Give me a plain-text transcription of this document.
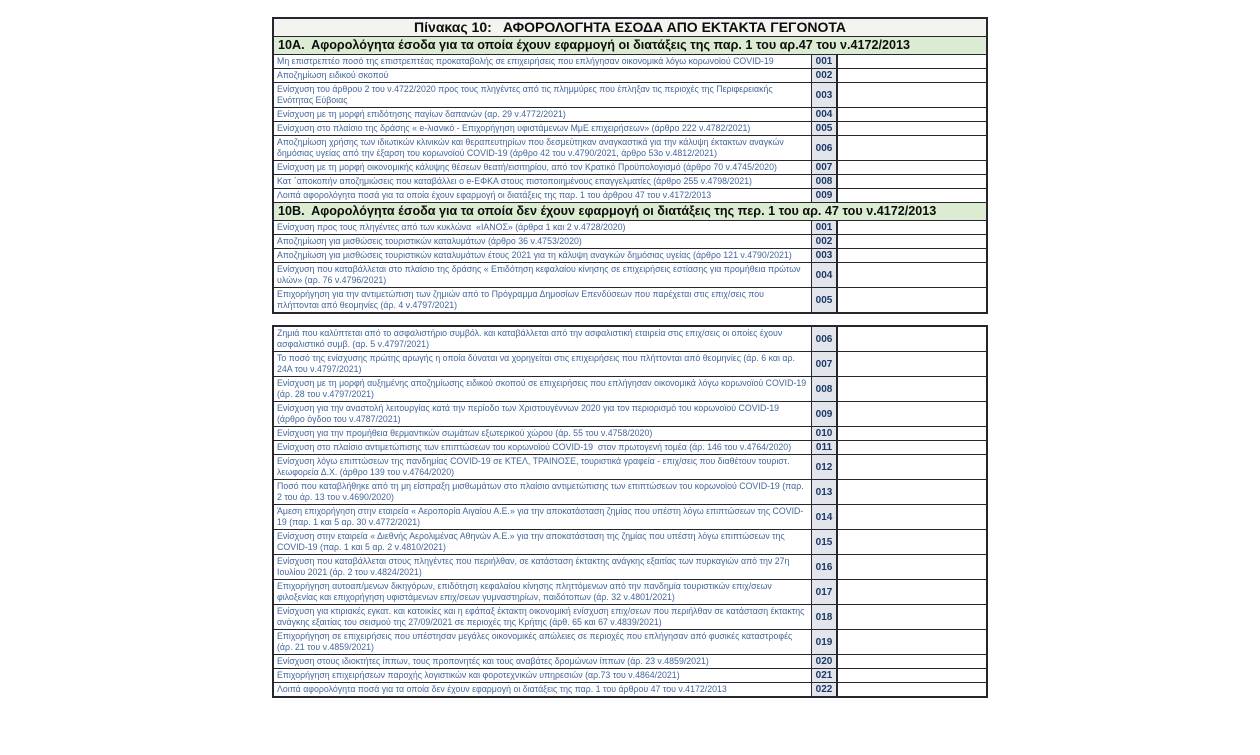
Πίνακας 10:   ΑΦΟΡΟΛΟΓΗΤΑ ΕΣΟΔΑ ΑΠΟ ΕΚΤΑΚΤΑ ΓΕΓΟΝΟΤΑ
10Α.  Αφορολόγητα έσοδα για τα οποία έχουν εφαρμογή οι διατάξεις της παρ. 1 του αρ.47 του ν.4172/2013
Μη επιστρεπτέο ποσό της επιστρεπτέας προκαταβολής σε επιχειρήσεις που επλήγησαν οικονομικά λόγω κορωνοϊού COVID-19	001
Αποζημίωση ειδικού σκοπού	002
Ενίσχυση του άρθρου 2 του ν.4722/2020 προς τους πληγέντες από τις πλημμύρες που έπληξαν τις περιοχές της Περιφερειακής Ενότητας Εύβοιας	003
Ενίσχυση με τη μορφή επιδότησης παγίων δαπανών (αρ. 29 ν.4772/2021)	004
Ενίσχυση στο πλαίσιο της δράσης « e-λιανικό - Επιχορήγηση υφιστάμενων ΜμΕ επιχειρήσεων» (άρθρο 222 ν.4782/2021)	005
Αποζημίωση χρήσης των ιδιωτικών κλινικών και θεραπευτηρίων που δεσμεύτηκαν αναγκαστικά για την κάλυψη έκτακτων αναγκών δημόσιας υγείας από την έξαρση του κορωνοϊού COVID-19 (άρθρο 42 του ν.4790/2021, άρθρο 53ο ν.4812/2021)	006
Ενίσχυση με τη μορφή οικονομικής κάλυψης θέσεων θεατή/εισιτηρίου, από τον Κρατικό Προϋπολογισμό (άρθρο 70 ν.4745/2020)	007
Κατ ΄αποκοπήν αποζημιώσεις που καταβάλλει ο e-ΕΦΚΑ στους πιστοποιημένους επαγγελματίες (άρθρο 255 ν.4798/2021)	008
Λοιπά αφορολόγητα ποσά για τα οποία έχουν εφαρμογή οι διατάξεις της παρ. 1 του άρθρου 47 του ν.4172/2013	009
10Β.  Αφορολόγητα έσοδα για τα οποία δεν έχουν εφαρμογή οι διατάξεις της περ. 1 του αρ. 47 του ν.4172/2013
Ενίσχυση προς τους πληγέντες από των κυκλώνα  «ΙΑΝΟΣ» (άρθρα 1 και 2 ν.4728/2020)	001
Αποζημίωση για μισθώσεις τουριστικών καταλυμάτων (άρθρο 36 ν.4753/2020)	002
Αποζημίωση για μισθώσεις τουριστικών καταλυμάτων έτους 2021 για τη κάλυψη αναγκών δημόσιας υγείας (άρθρο 121 ν.4790/2021)	003
Ενίσχυση που καταβάλλεται στο πλαίσιο της δράσης « Επιδότηση κεφαλαίου κίνησης σε επιχειρήσεις εστίασης για προμήθεια πρώτων υλών» (αρ. 76 ν.4796/2021)	004
Επιχορήγηση για την αντιμετώπιση των ζημιών από το Πρόγραμμα Δημοσίων Επενδύσεων που παρέχεται στις επιχ/σεις που πλήττονται από θεομηνίες (άρ. 4 ν.4797/2021)	005
Ζημιά που καλύπτεται από το ασφαλιστήριο συμβόλ. και καταβάλλεται από την ασφαλιστική εταιρεία στις επιχ/σεις οι οποίες έχουν ασφαλιστικό συμβ. (αρ. 5 ν.4797/2021)	006
Το ποσό της ενίσχυσης πρώτης αρωγής η οποία δύναται να χορηγείται στις επιχειρήσεις που πλήττονται από θεομηνίες (άρ. 6 και αρ. 24Α του ν.4797/2021)	007
Ενίσχυση με τη μορφή αυξημένης αποζημίωσης ειδικού σκοπού σε επιχειρήσεις που επλήγησαν οικονομικά λόγω κορωνοϊού COVID-19 (άρ. 28 του ν.4797/2021)	008
Ενίσχυση για την αναστολή λειτουργίας κατά την περίοδο των Χριστουγέννων 2020 για τον περιορισμό του κορωνοϊού COVID-19 (άρθρο όγδοο του ν.4787/2021)	009
Ενίσχυση για την προμήθεια θερμαντικών σωμάτων εξωτερικού χώρου (άρ. 55 του ν.4758/2020)	010
Ενίσχυση στο πλαίσιο αντιμετώπισης των επιπτώσεων του κορωνοϊού COVID-19  στον πρωτογενή τομέα (άρ. 146 του ν.4764/2020)	011
Ενίσχυση λόγω επιπτώσεων της πανδημίας COVID-19 σε ΚΤΕΛ, ΤΡΑΙΝΟΣΕ, τουριστικά γραφεία - επιχ/σεις που διαθέτουν τουριστ. λεωφορεία Δ.Χ. (άρθρο 139 του ν.4764/2020)	012
Ποσό που καταβλήθηκε από τη μη είσπραξη μισθωμάτων στο πλαίσιο αντιμετώπισης των επιπτώσεων του κορωνοϊού COVID-19 (παρ. 2 του άρ. 13 του ν.4690/2020)	013
Άμεση επιχορήγηση στην εταιρεία « Αεροπορία Αιγαίου Α.Ε.» για την αποκατάσταση ζημίας που υπέστη λόγω επιπτώσεων της COVID-19 (παρ. 1 και 5 αρ. 30 ν.4772/2021)	014
Ενίσχυση στην εταιρεία « Διεθνής Αερολιμένας Αθηνών Α.Ε.» για την αποκατάσταση της ζημίας που υπέστη λόγω επιπτώσεων της COVID-19 (παρ. 1 και 5 αρ. 2 ν.4810/2021)	015
Ενίσχυση που καταβάλλεται στους πληγέντες που περιήλθαν, σε κατάσταση έκτακτης ανάγκης εξαιτίας των πυρκαγιών από την 27η Ιουλίου 2021 (άρ. 2 του ν.4824/2021)	016
Επιχορήγηση αυτοαπ/μενων δικηγόρων, επιδότηση κεφαλαίου κίνησης πληττόμενων από την πανδημία τουριστικών επιχ/σεων φιλοξενίας και επιχορήγηση υφιστάμενων επιχ/σεων γυμναστηρίων, παιδότοπων (άρ. 32 ν.4801/2021)	017
Ενίσχυση για κτιριακές εγκατ. και κατοικίες και η εφάπαξ έκτακτη οικονομική ενίσχυση επιχ/σεων που περιήλθαν σε κατάσταση έκτακτης ανάγκης εξαιτίας του σεισμού της 27/09/2021 σε περιοχές της Κρήτης (άρθ. 65 και 67 ν.4839/2021)	018
Επιχορήγηση σε επιχειρήσεις που υπέστησαν μεγάλες οικονομικές απώλειες σε περιοχές που επλήγησαν από φυσικές καταστροφές (άρ. 21 του ν.4859/2021)	019
Ενίσχυση στους ιδιοκτήτες ίππων, τους προπονητές και τους αναβάτες δρομώνων ίππων (άρ. 23 ν.4859/2021)	020
Επιχορήγηση επιχειρήσεων παροχής λογιστικών και φοροτεχνικών υπηρεσιών (αρ.73 του ν.4864/2021)	021
Λοιπά αφορολόγητα ποσά για τα οποία δεν έχουν εφαρμογή οι διατάξεις της παρ. 1 του άρθρου 47 του ν.4172/2013	022
